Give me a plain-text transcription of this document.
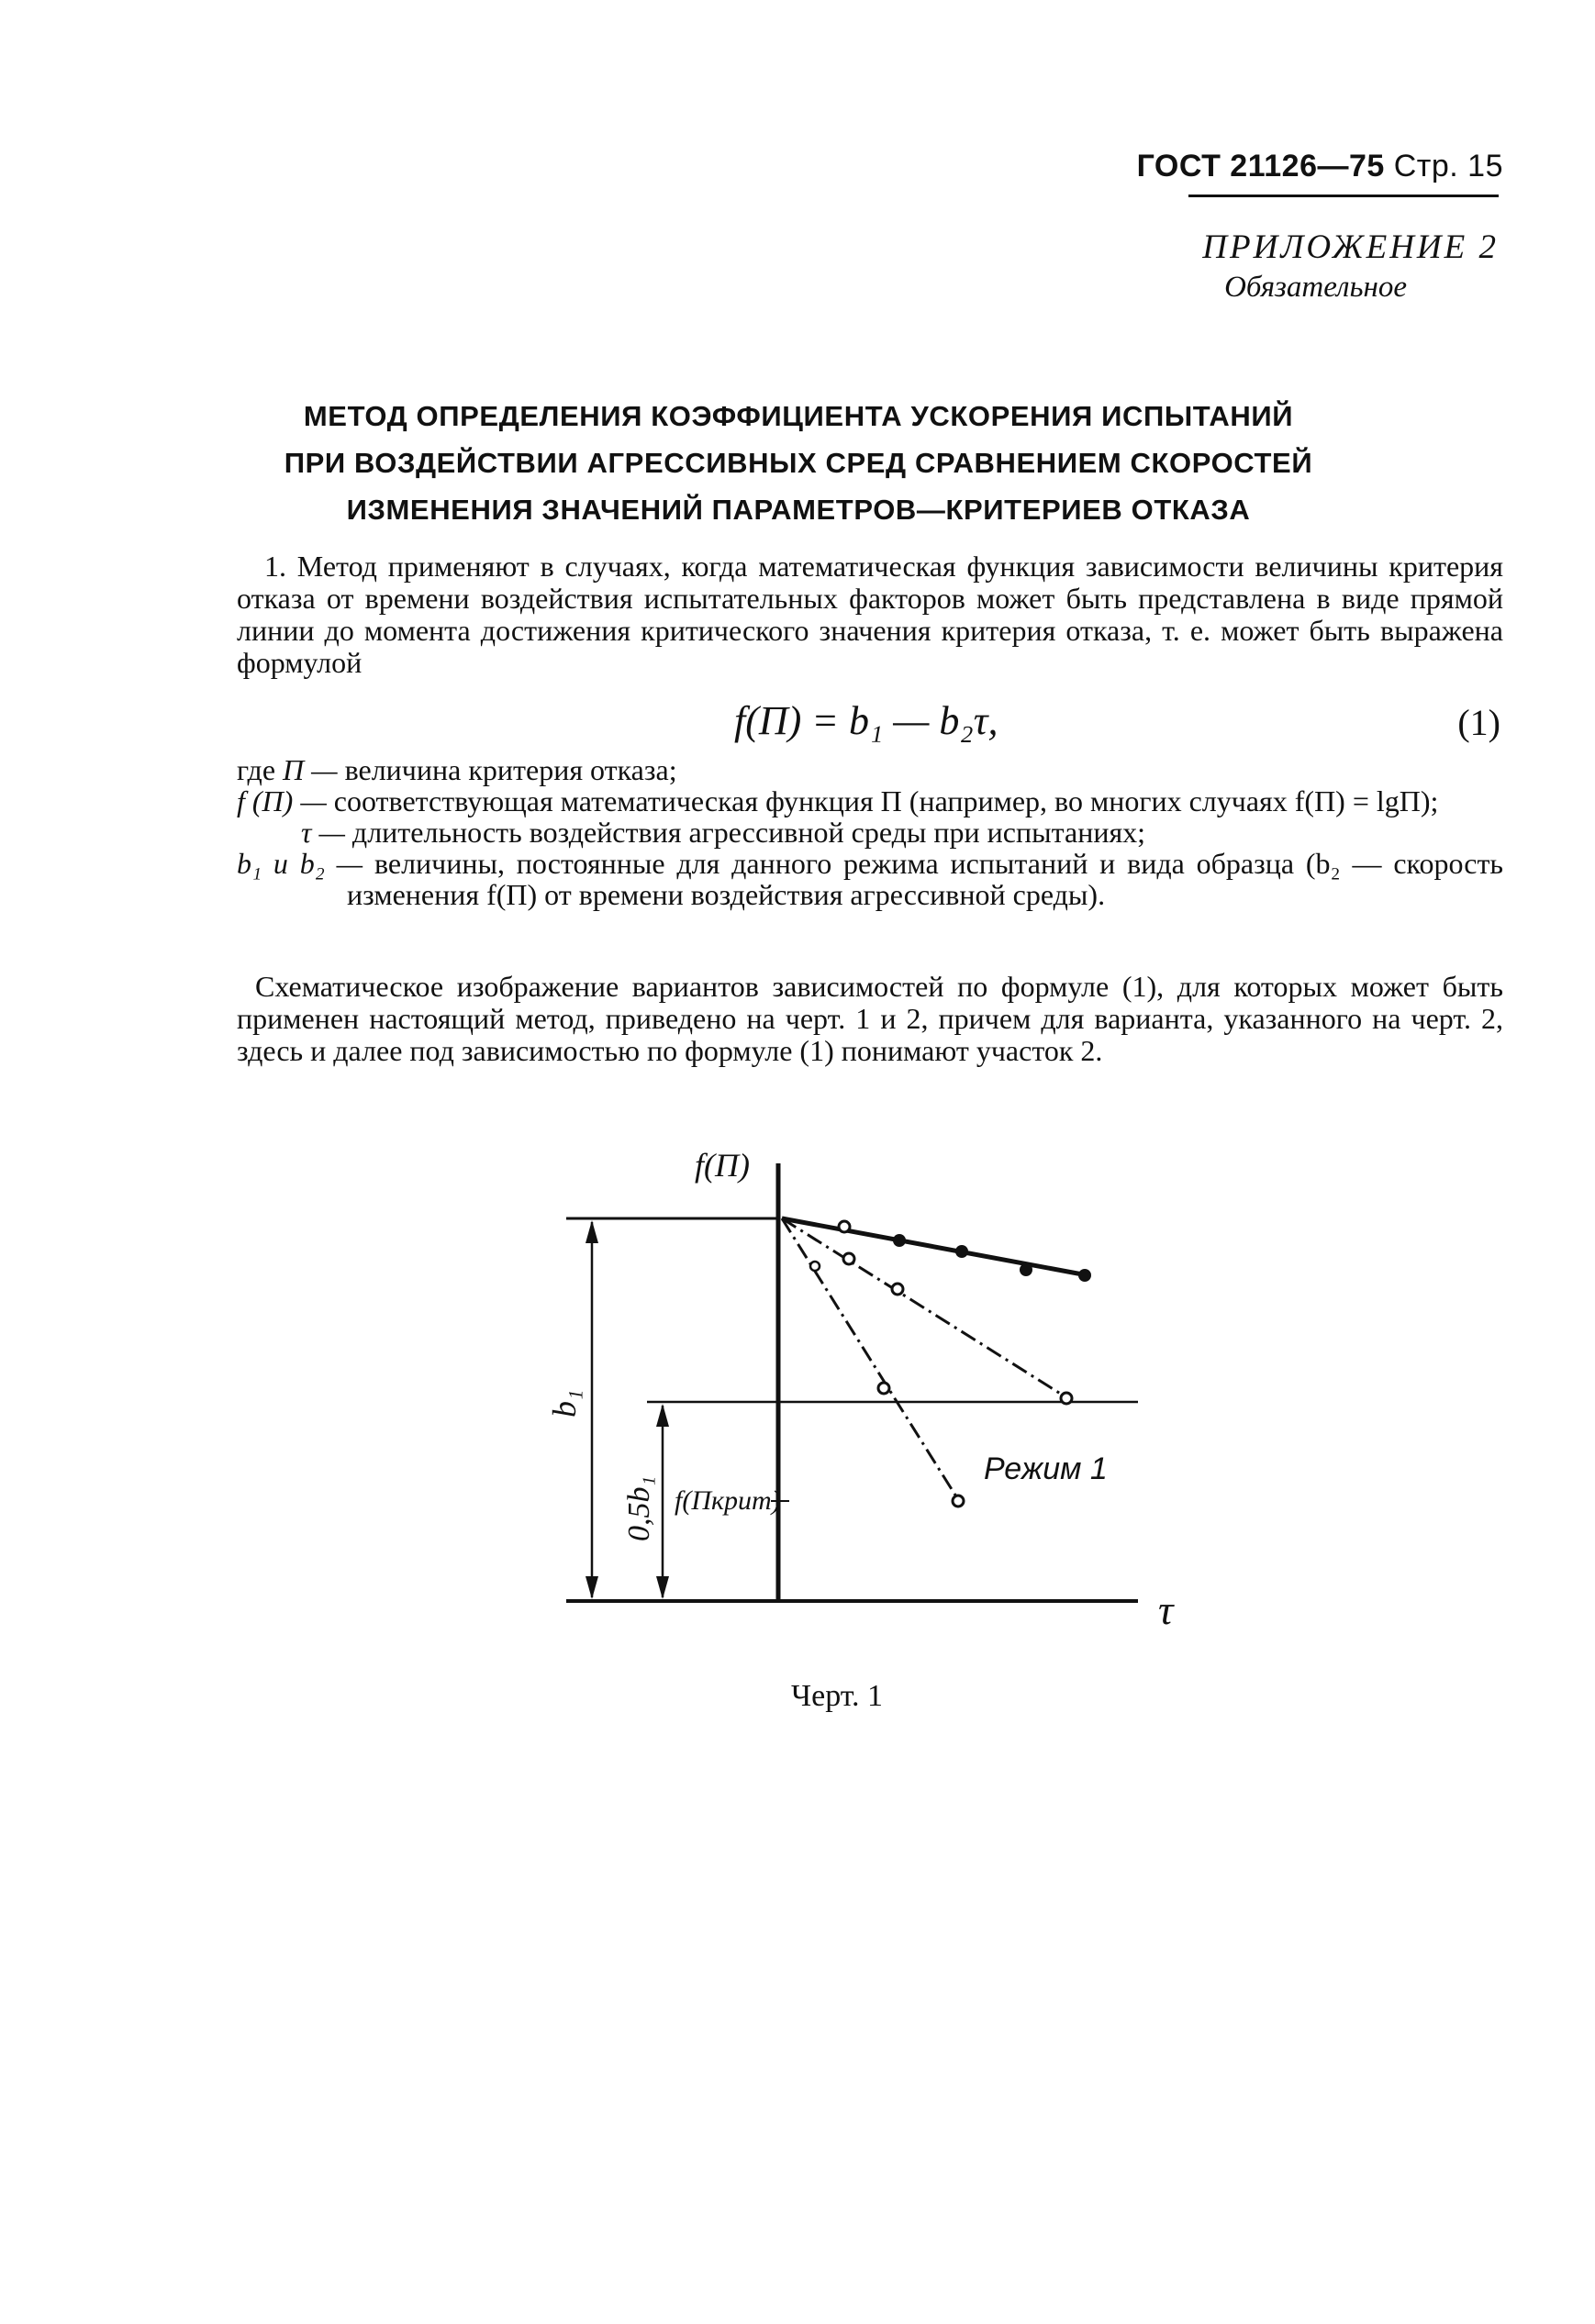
ГОСТ 21126—75 Стр. 15
ПРИЛОЖЕНИЕ 2
Обязательное
МЕТОД ОПРЕДЕЛЕНИЯ КОЭФФИЦИЕНТА УСКОРЕНИЯ ИСПЫТАНИЙ
ПРИ ВОЗДЕЙСТВИИ АГРЕССИВНЫХ СРЕД СРАВНЕНИЕМ СКОРОСТЕЙ
ИЗМЕНЕНИЯ ЗНАЧЕНИЙ ПАРАМЕТРОВ—КРИТЕРИЕВ ОТКАЗА
1. Метод применяют в случаях, когда математическая функция зависимости величины критерия отказа от времени воздействия испытательных факторов может быть представлена в виде прямой линии до момента достижения критического значения критерия отказа, т. е. может быть выражена формулой
f(П) = b₁ — b₂τ,	(1)
где П — величина критерия отказа;
f (П) — соответствующая математическая функция П (например, во многих случаях f(П) = lgП);
τ — длительность воздействия агрессивной среды при испытаниях;
b₁ и b₂ — величины, постоянные для данного режима испытаний и вида образца (b₂ — скорость изменения f(П) от времени воздействия агрессивной среды).
Схематическое изображение вариантов зависимостей по формуле (1), для которых может быть применен настоящий метод, приведено на черт. 1 и 2, причем для варианта, указанного на черт. 2, здесь и далее под зависимостью по формуле (1) понимают участок 2.
f(П)
τ
Режим 1
f(Пкрит)
b₁
0,5b₁
Черт. 1
